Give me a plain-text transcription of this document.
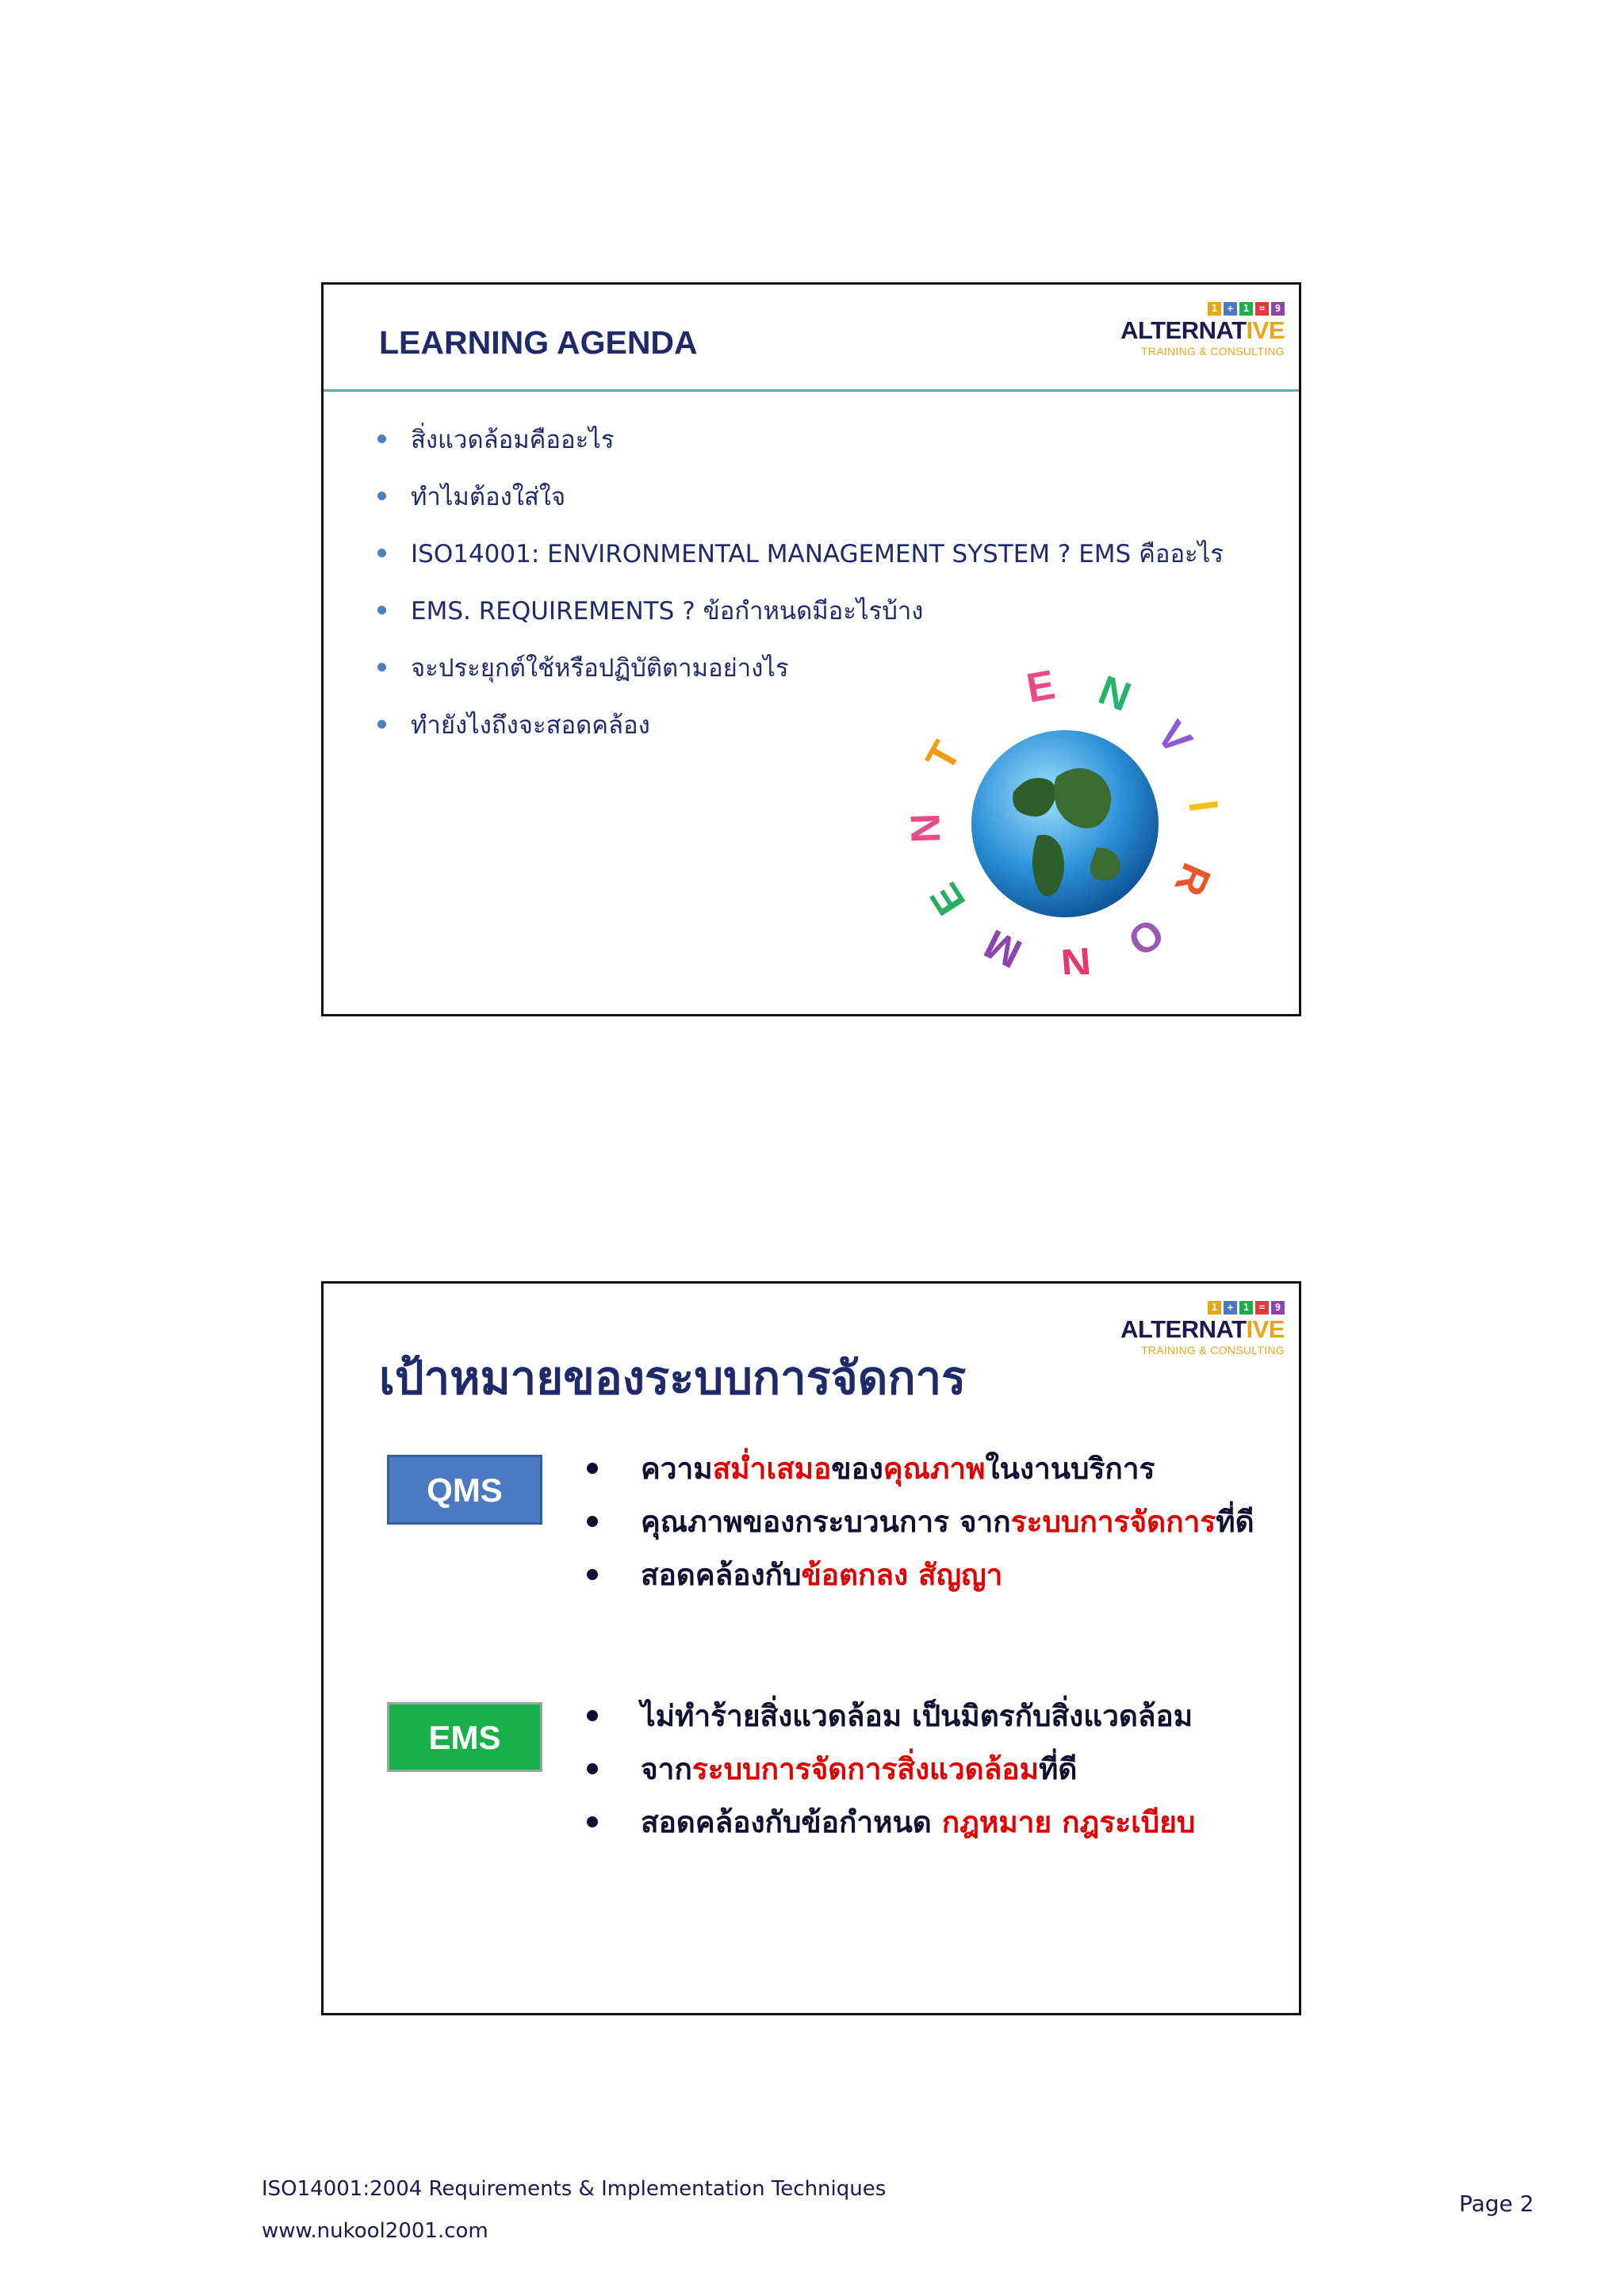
1	+	1	=	9
ALTERNATIVE
TRAINING & CONSULTING
LEARNING AGENDA
สิ่งแวดล้อมคืออะไร
ทำไมต้องใส่ใจ
ISO14001: ENVIRONMENTAL MANAGEMENT SYSTEM ? EMS คืออะไร
EMS. REQUIREMENTS ? ข้อกำหนดมีอะไรบ้าง
จะประยุกต์ใช้หรือปฏิบัติตามอย่างไร
ทำยังไงถึงจะสอดคล้อง
E N
V
I
R
O
N
M
E
N
T
1	+	1	=	9
ALTERNATIVE
TRAINING & CONSULTING
เป้าหมายของระบบการจัดการ
QMS
ความสม่ำเสมอของคุณภาพในงานบริการ
คุณภาพของกระบวนการ จากระบบการจัดการที่ดี
สอดคล้องกับข้อตกลง สัญญา
EMS
ไม่ทำร้ายสิ่งแวดล้อม เป็นมิตรกับสิ่งแวดล้อม
จากระบบการจัดการสิ่งแวดล้อมที่ดี
สอดคล้องกับข้อกำหนด กฎหมาย กฎระเบียบ
ISO14001:2004 Requirements & Implementation Techniques
www.nukool2001.com
Page 2
